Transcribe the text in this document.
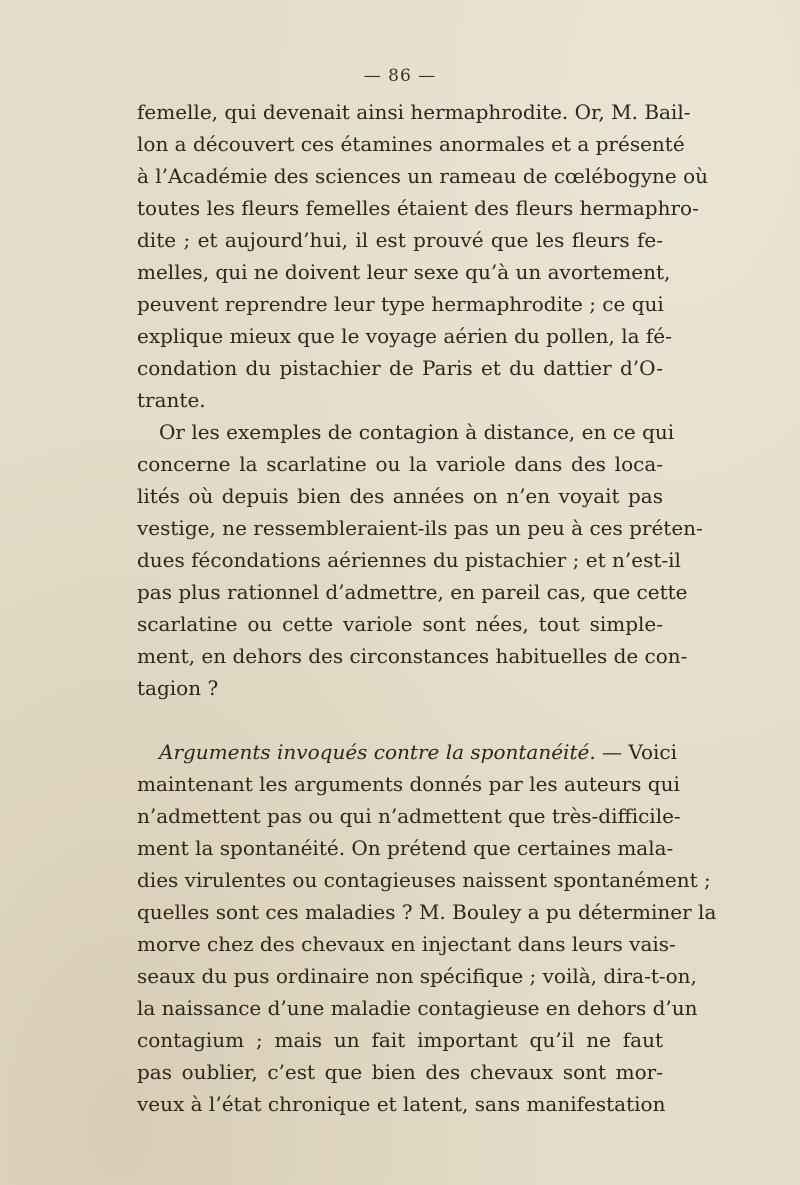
— 86 —
femelle, qui devenait ainsi hermaphrodite. Or, M. Bail-
lon a découvert ces étamines anormales et a présenté
à l’Académie des sciences un rameau de cœlébogyne où
toutes les fleurs femelles étaient des fleurs hermaphro-
dite ; et aujourd’hui, il est prouvé que les fleurs fe-
melles, qui ne doivent leur sexe qu’à un avortement,
peuvent reprendre leur type hermaphrodite ; ce qui
explique mieux que le voyage aérien du pollen, la fé-
condation du pistachier de Paris et du dattier d’O-
trante.
Or les exemples de contagion à distance, en ce qui
concerne la scarlatine ou la variole dans des loca-
lités où depuis bien des années on n’en voyait pas
vestige, ne ressembleraient-ils pas un peu à ces préten-
dues fécondations aériennes du pistachier ; et n’est-il
pas plus rationnel d’admettre, en pareil cas, que cette
scarlatine ou cette variole sont nées, tout simple-
ment, en dehors des circonstances habituelles de con-
tagion ?
Arguments invoqués contre la spontanéité. — Voici
maintenant les arguments donnés par les auteurs qui
n’admettent pas ou qui n’admettent que très-difficile-
ment la spontanéité. On prétend que certaines mala-
dies virulentes ou contagieuses naissent spontanément ;
quelles sont ces maladies ? M. Bouley a pu déterminer la
morve chez des chevaux en injectant dans leurs vais-
seaux du pus ordinaire non spécifique ; voilà, dira-t-on,
la naissance d’une maladie contagieuse en dehors d’un
contagium ; mais un fait important qu’il ne faut
pas oublier, c’est que bien des chevaux sont mor-
veux à l’état chronique et latent, sans manifestation
